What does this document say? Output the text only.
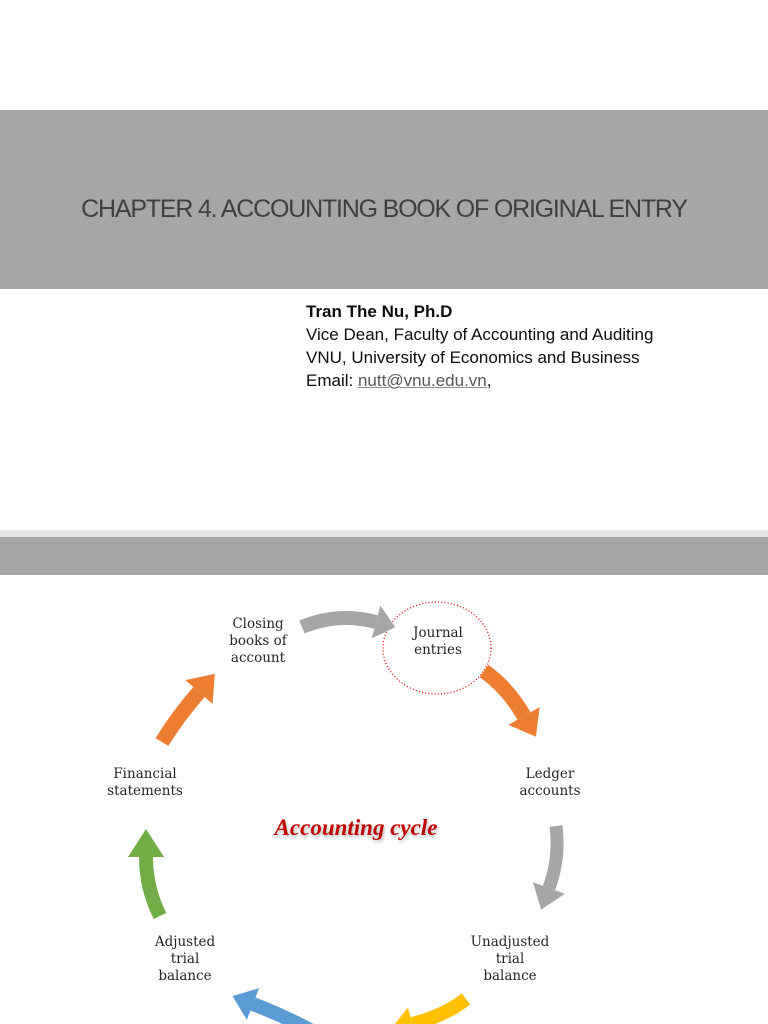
CHAPTER 4. ACCOUNTING BOOK OF ORIGINAL ENTRY
Tran The Nu, Ph.D
Vice Dean, Faculty of Accounting and Auditing
VNU, University of Economics and Business
Email: nutt@vnu.edu.vn,
Closing
books of
account
Journal
entries
Ledger
accounts
Financial
statements
Accounting cycle
Adjusted
trial
balance
Unadjusted
trial
balance
